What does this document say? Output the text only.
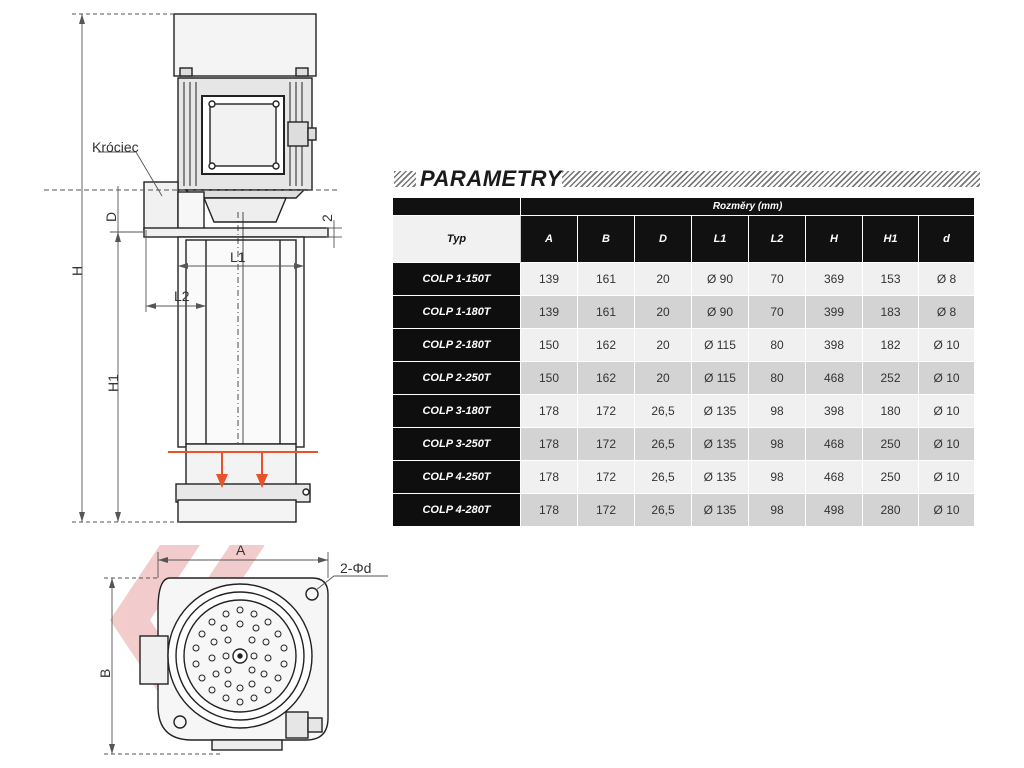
Króciec
H
H1
D	2
L1
L2
A
B
2-Φd
PARAMETRY
	Rozměry (mm)							
Typ	A	B	D	L1	L2	H	H1	d
COLP 1-150T	139	161	20	Ø 90	70	369	153	Ø 8
COLP 1-180T	139	161	20	Ø 90	70	399	183	Ø 8
COLP 2-180T	150	162	20	Ø 115	80	398	182	Ø 10
COLP 2-250T	150	162	20	Ø 115	80	468	252	Ø 10
COLP 3-180T	178	172	26,5	Ø 135	98	398	180	Ø 10
COLP 3-250T	178	172	26,5	Ø 135	98	468	250	Ø 10
COLP 4-250T	178	172	26,5	Ø 135	98	468	250	Ø 10
COLP 4-280T	178	172	26,5	Ø 135	98	498	280	Ø 10
